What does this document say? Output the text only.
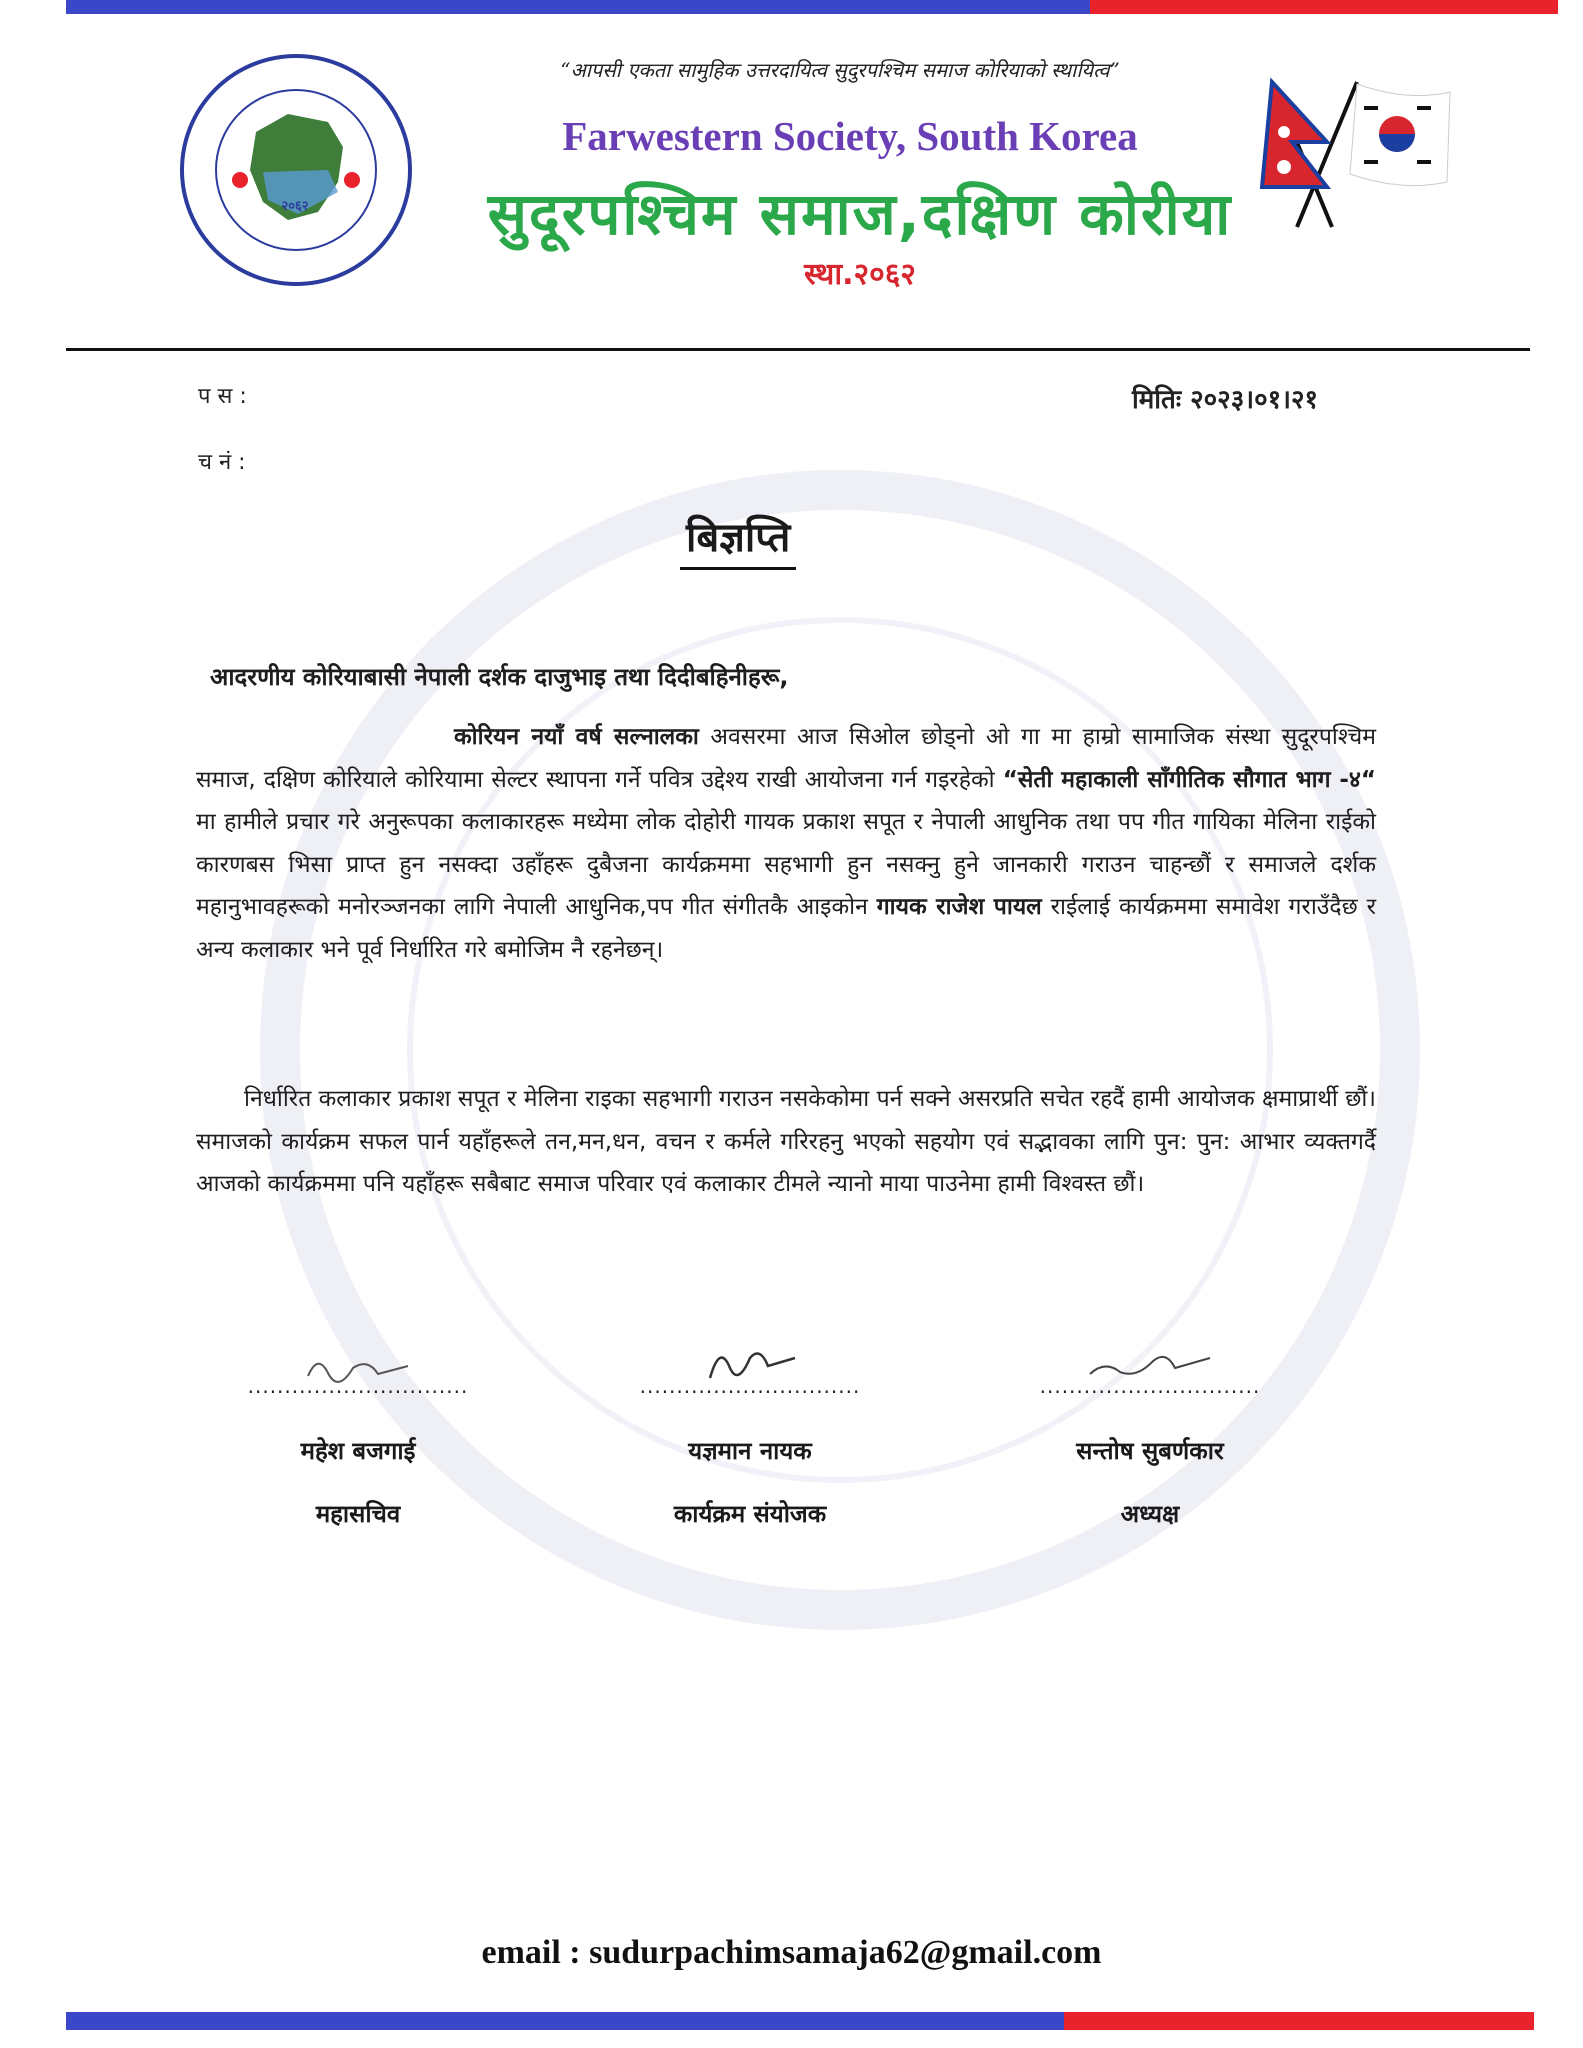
२०६२
“आपसी एकता सामुहिक उत्तरदायित्व सुदुरपश्चिम समाज कोरियाको स्थायित्व”
Farwestern Society, South Korea
सुदूरपश्चिम समाज,दक्षिण कोरीया
स्था.२०६२
प स :
च नं :
मितिः २०२३।०१।२१
बिज्ञप्ति
आदरणीय कोरियाबासी नेपाली दर्शक दाजुभाइ तथा दिदीबहिनीहरू,
कोरियन नयाँ वर्ष सल्नालका अवसरमा आज सिओल छोड्नो ओ गा मा हाम्रो सामाजिक संस्था सुदूरपश्चिम समाज, दक्षिण कोरियाले कोरियामा सेल्टर स्थापना गर्ने पवित्र उद्देश्य राखी आयोजना गर्न गइरहेको “सेती महाकाली साँगीतिक सौगात भाग -४“ मा हामीले प्रचार गरे अनुरूपका कलाकारहरू मध्येमा लोक दोहोरी गायक प्रकाश सपूत र नेपाली आधुनिक तथा पप गीत गायिका मेलिना राईको कारणबस भिसा प्राप्त हुन नसक्दा उहाँहरू दुबैजना कार्यक्रममा सहभागी हुन नसक्नु हुने जानकारी गराउन चाहन्छौं र समाजले दर्शक महानुभावहरूको मनोरञ्जनका लागि नेपाली आधुनिक,पप गीत संगीतकै आइकोन गायक राजेश पायल राईलाई कार्यक्रममा समावेश गराउँदैछ र अन्य कलाकार भने पूर्व निर्धारित गरे बमोजिम नै रहनेछन्।
निर्धारित कलाकार प्रकाश सपूत र मेलिना राइका सहभागी गराउन नसकेकोमा पर्न सक्ने असरप्रति सचेत रहदैं हामी आयोजक क्षमाप्रार्थी छौं। समाजको कार्यक्रम सफल पार्न यहाँहरूले तन,मन,धन, वचन र कर्मले गरिरहनु भएको सहयोग एवं सद्भावका लागि पुन: पुन: आभार व्यक्तगर्दै आजको कार्यक्रममा पनि यहाँहरू सबैबाट समाज परिवार एवं कलाकार टीमले न्यानो माया पाउनेमा हामी विश्वस्त छौं।
..............................
महेश बजगाई
महासचिव
..............................
यज्ञमान नायक
कार्यक्रम संयोजक
..............................
सन्तोष सुबर्णकार
अध्यक्ष
email : sudurpachimsamaja62@gmail.com
